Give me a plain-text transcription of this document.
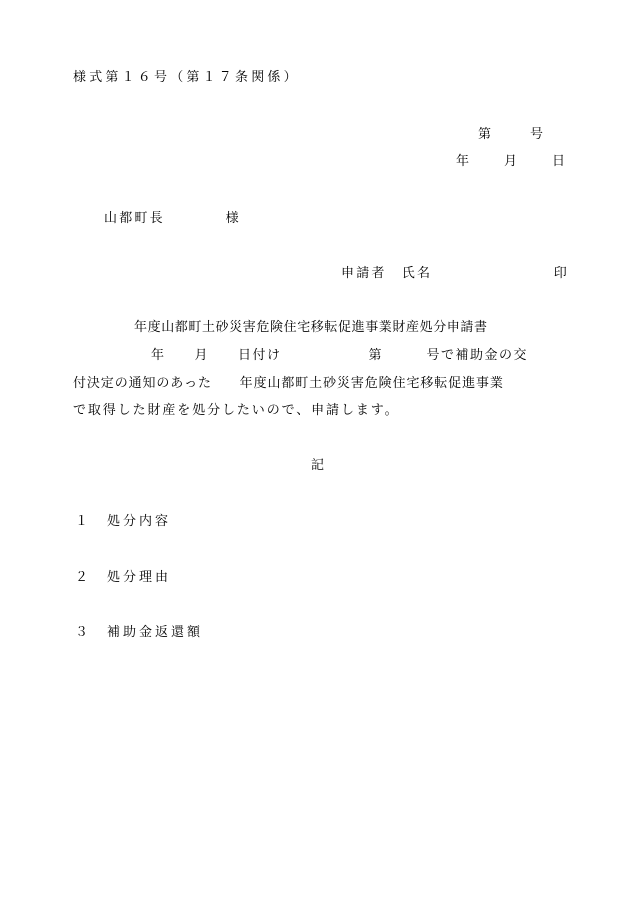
様式第１６号（第１７条関係）
第　　　号
年　　月　　日
山都町長　　　　様
申請者　氏名　　　　　　　　印
年度山都町土砂災害危険住宅移転促進事業財産処分申請書
年　　月　　日付け　　　　　　第　　　号で補助金の交
付決定の通知のあった　　年度山都町土砂災害危険住宅移転促進事業
で取得した財産を処分したいので、申請します。
記
１　処分内容
２　処分理由
３　補助金返還額
